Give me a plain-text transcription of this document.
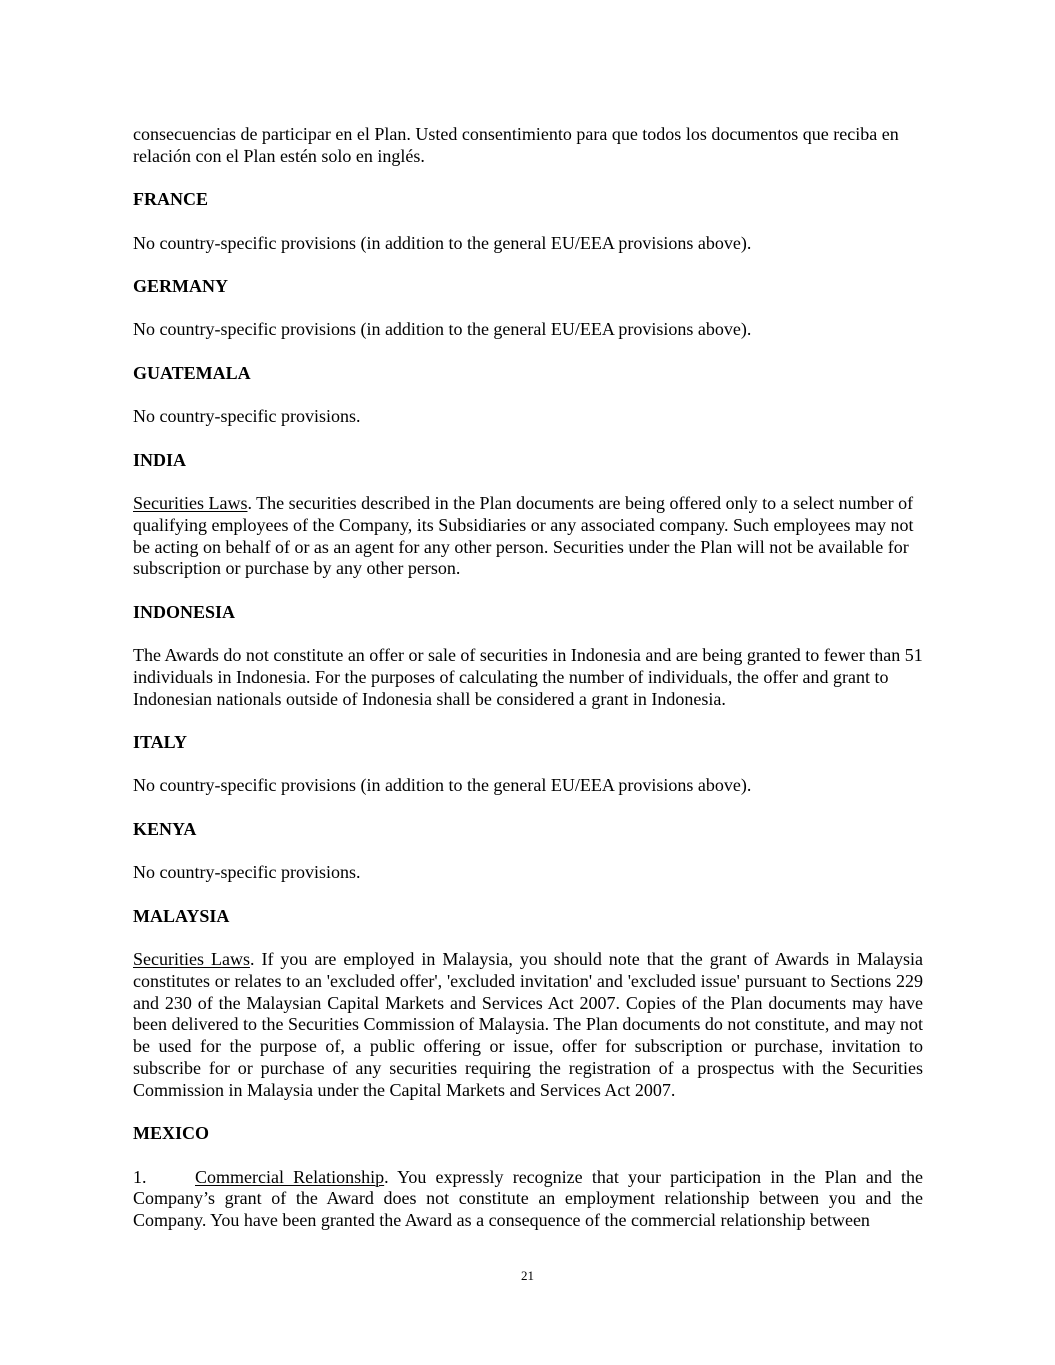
consecuencias de participar en el Plan. Usted consentimiento para que todos los documentos que reciba en relación con el Plan estén solo en inglés.

FRANCE

No country-specific provisions (in addition to the general EU/EEA provisions above).

GERMANY

No country-specific provisions (in addition to the general EU/EEA provisions above).

GUATEMALA

No country-specific provisions.

INDIA

Securities Laws. The securities described in the Plan documents are being offered only to a select number of qualifying employees of the Company, its Subsidiaries or any associated company. Such employees may not be acting on behalf of or as an agent for any other person. Securities under the Plan will not be available for subscription or purchase by any other person.

INDONESIA

The Awards do not constitute an offer or sale of securities in Indonesia and are being granted to fewer than 51 individuals in Indonesia. For the purposes of calculating the number of individuals, the offer and grant to Indonesian nationals outside of Indonesia shall be considered a grant in Indonesia.

ITALY

No country-specific provisions (in addition to the general EU/EEA provisions above).

KENYA

No country-specific provisions.

MALAYSIA

Securities Laws. If you are employed in Malaysia, you should note that the grant of Awards in Malaysia constitutes or relates to an 'excluded offer', 'excluded invitation' and 'excluded issue' pursuant to Sections 229 and 230 of the Malaysian Capital Markets and Services Act 2007. Copies of the Plan documents may have been delivered to the Securities Commission of Malaysia. The Plan documents do not constitute, and may not be used for the purpose of, a public offering or issue, offer for subscription or purchase, invitation to subscribe for or purchase of any securities requiring the registration of a prospectus with the Securities Commission in Malaysia under the Capital Markets and Services Act 2007.

MEXICO

1.	Commercial Relationship. You expressly recognize that your participation in the Plan and the Company’s grant of the Award does not constitute an employment relationship between you and the Company. You have been granted the Award as a consequence of the commercial relationship between

21
